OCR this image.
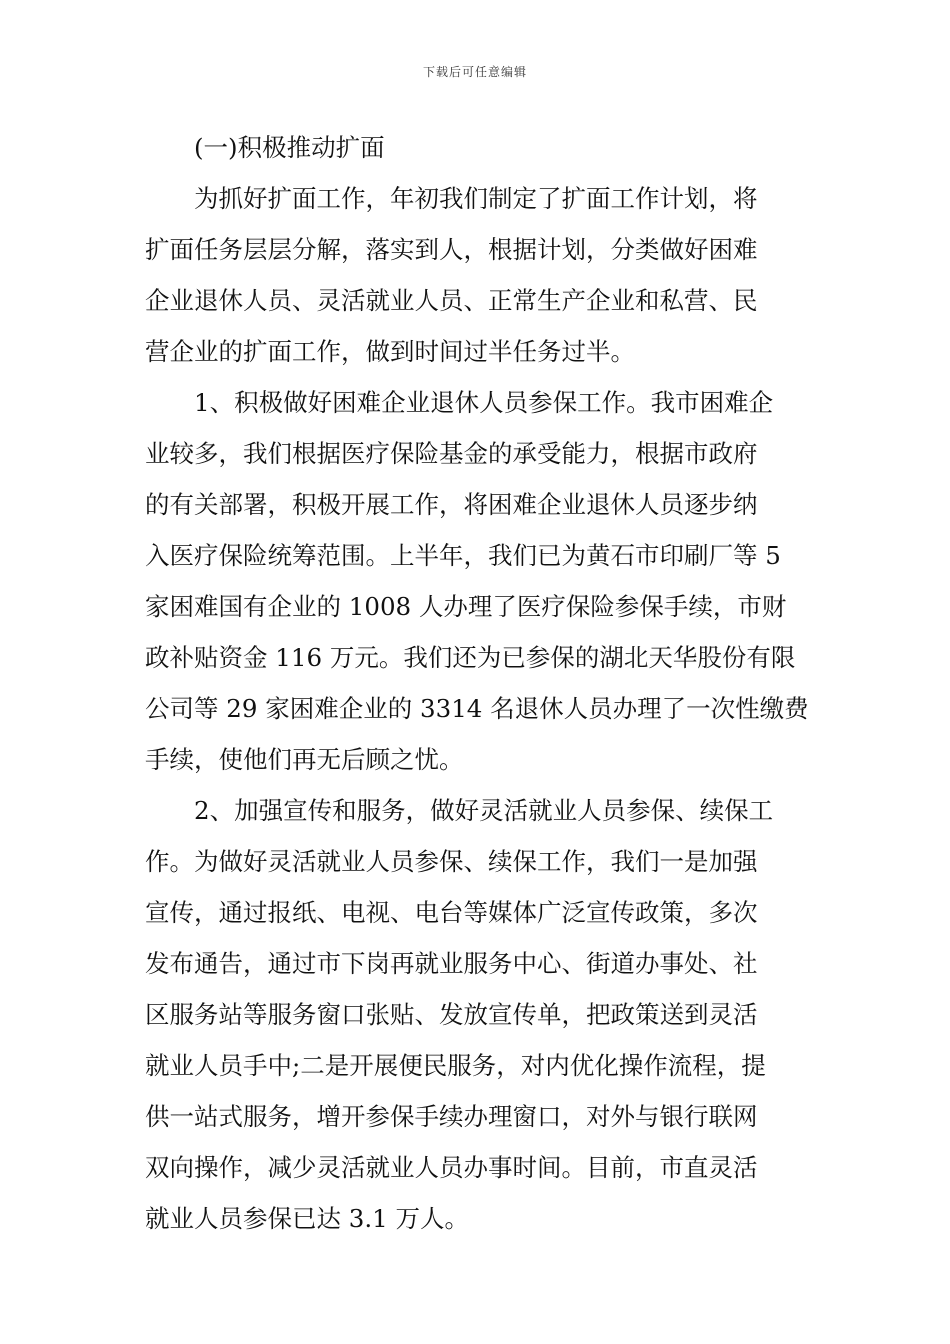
下载后可任意编辑
　　(一)积极推动扩面
　　为抓好扩面工作，年初我们制定了扩面工作计划，将
扩面任务层层分解，落实到人，根据计划，分类做好困难
企业退休人员、灵活就业人员、正常生产企业和私营、民
营企业的扩面工作，做到时间过半任务过半。
　　1、积极做好困难企业退休人员参保工作。我市困难企
业较多，我们根据医疗保险基金的承受能力，根据市政府
的有关部署，积极开展工作，将困难企业退休人员逐步纳
入医疗保险统筹范围。上半年，我们已为黄石市印刷厂等 5
家困难国有企业的 1008 人办理了医疗保险参保手续，市财
政补贴资金 116 万元。我们还为已参保的湖北天华股份有限
公司等 29 家困难企业的 3314 名退休人员办理了一次性缴费
手续，使他们再无后顾之忧。
　　2、加强宣传和服务，做好灵活就业人员参保、续保工
作。为做好灵活就业人员参保、续保工作，我们一是加强
宣传，通过报纸、电视、电台等媒体广泛宣传政策，多次
发布通告，通过市下岗再就业服务中心、街道办事处、社
区服务站等服务窗口张贴、发放宣传单，把政策送到灵活
就业人员手中;二是开展便民服务，对内优化操作流程，提
供一站式服务，增开参保手续办理窗口，对外与银行联网
双向操作，减少灵活就业人员办事时间。目前，市直灵活
就业人员参保已达 3.1 万人。
